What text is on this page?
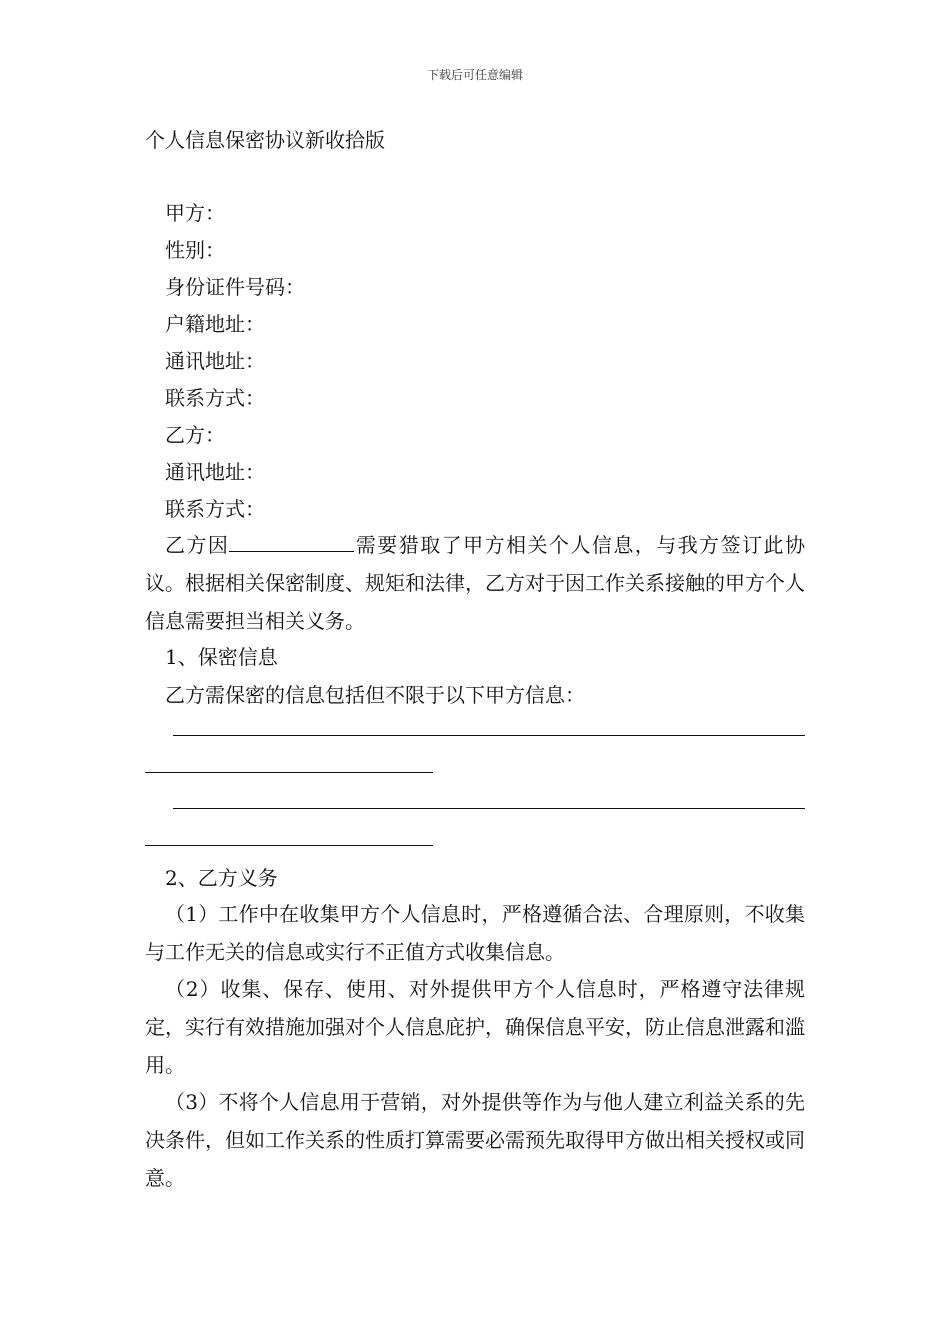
下载后可任意编辑
个人信息保密协议新收拾版
甲方：
性别：
身份证件号码：
户籍地址：
通讯地址：
联系方式：
乙方：
通讯地址：
联系方式：
乙方因	需要猎取了甲方相关个人信息，与我方签订此协议。根据相关保密制度、规矩和法律，乙方对于因工作关系接触的甲方个人信息需要担当相关义务。
1、保密信息
乙方需保密的信息包括但不限于以下甲方信息：
2、乙方义务
（1）工作中在收集甲方个人信息时，严格遵循合法、合理原则，不收集与工作无关的信息或实行不正值方式收集信息。
（2）收集、保存、使用、对外提供甲方个人信息时，严格遵守法律规定，实行有效措施加强对个人信息庇护，确保信息平安，防止信息泄露和滥用。
（3）不将个人信息用于营销，对外提供等作为与他人建立利益关系的先决条件，但如工作关系的性质打算需要必需预先取得甲方做出相关授权或同意。
